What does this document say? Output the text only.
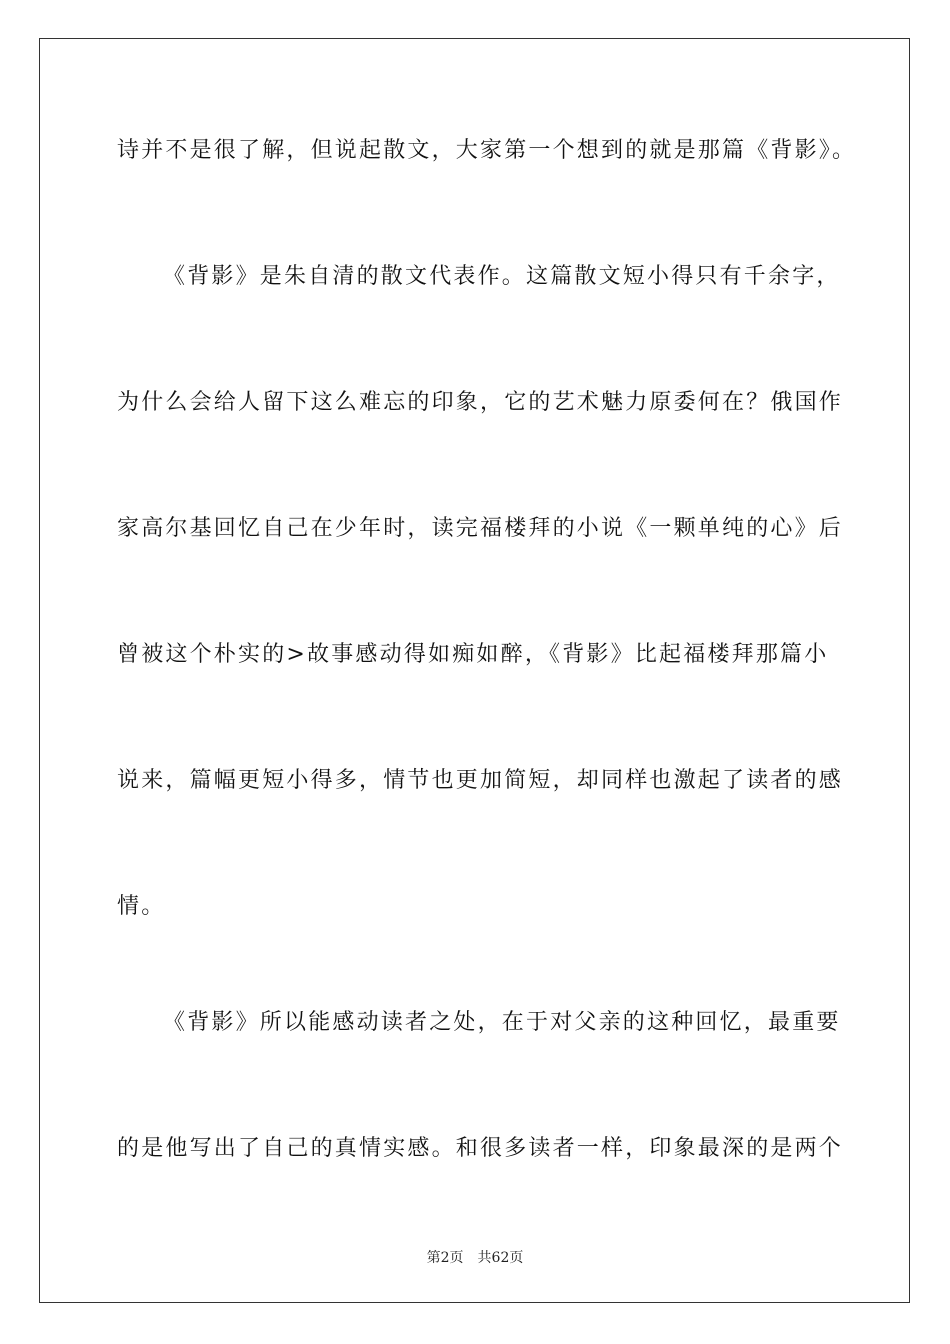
诗并不是很了解，但说起散文，大家第一个想到的就是那篇《背影》。
《背影》是朱自清的散文代表作。这篇散文短小得只有千余字，
为什么会给人留下这么难忘的印象，它的艺术魅力原委何在？俄国作
家高尔基回忆自己在少年时，读完福楼拜的小说《一颗单纯的心》后
曾被这个朴实的>故事感动得如痴如醉，《背影》比起福楼拜那篇小
说来，篇幅更短小得多，情节也更加简短，却同样也激起了读者的感
情。
《背影》所以能感动读者之处，在于对父亲的这种回忆，最重要
的是他写出了自己的真情实感。和很多读者一样，印象最深的是两个
第2页 共62页
